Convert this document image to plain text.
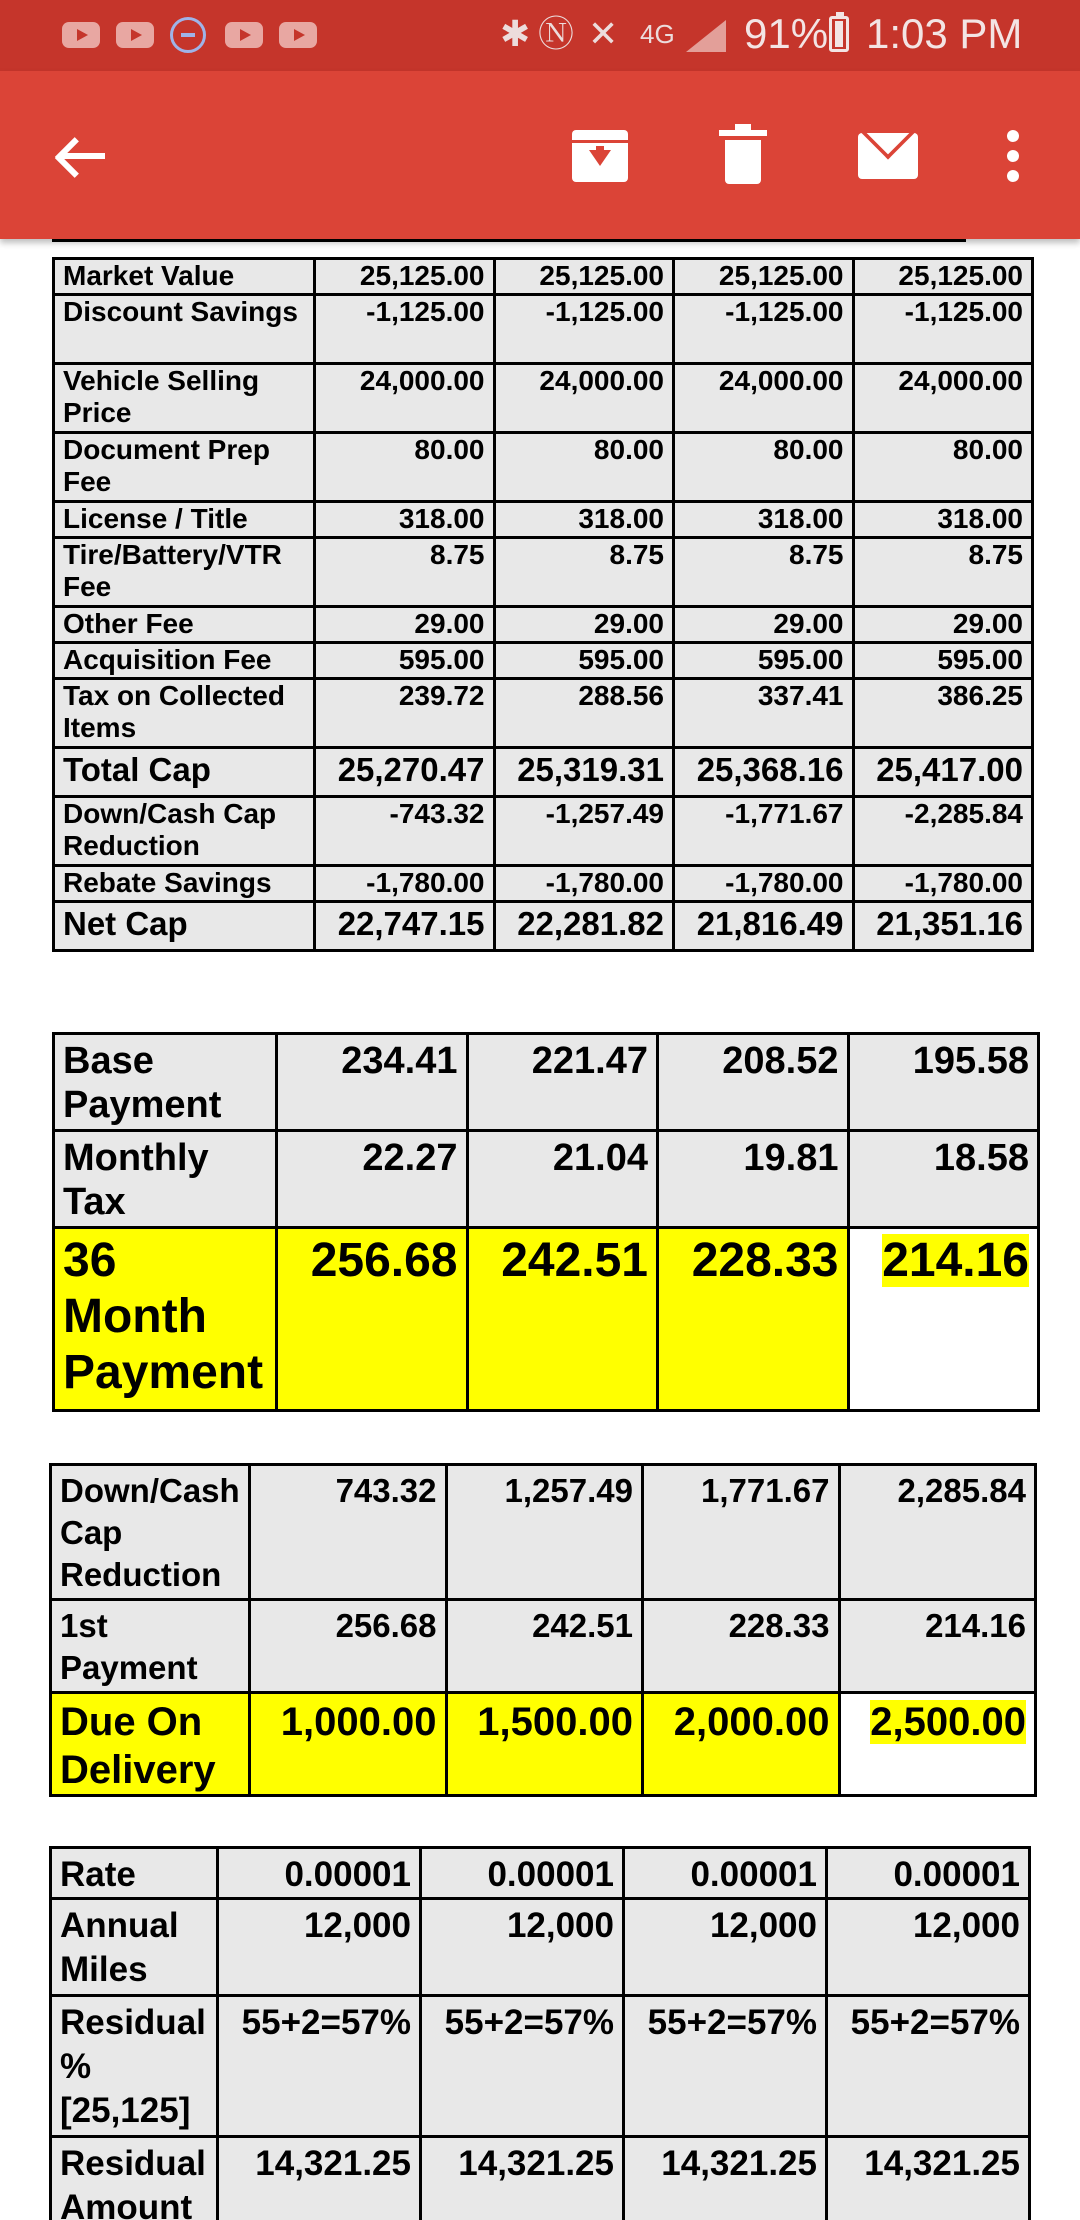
✱ Ⓝ ✕ 4G 91% 1:03 PM
Market Value	25,125.00	25,125.00	25,125.00	25,125.00
Discount Savings	-1,125.00	-1,125.00	-1,125.00	-1,125.00
Vehicle Selling Price	24,000.00	24,000.00	24,000.00	24,000.00
Document Prep Fee	80.00	80.00	80.00	80.00
License / Title	318.00	318.00	318.00	318.00
Tire/Battery/VTR Fee	8.75	8.75	8.75	8.75
Other Fee	29.00	29.00	29.00	29.00
Acquisition Fee	595.00	595.00	595.00	595.00
Tax on Collected Items	239.72	288.56	337.41	386.25
Total Cap	25,270.47	25,319.31	25,368.16	25,417.00
Down/Cash Cap Reduction	-743.32	-1,257.49	-1,771.67	-2,285.84
Rebate Savings	-1,780.00	-1,780.00	-1,780.00	-1,780.00
Net Cap	22,747.15	22,281.82	21,816.49	21,351.16
Base Payment	234.41	221.47	208.52	195.58
Monthly Tax	22.27	21.04	19.81	18.58
36 Month Payment	256.68	242.51	228.33	214.16
Down/Cash Cap Reduction	743.32	1,257.49	1,771.67	2,285.84
1st Payment	256.68	242.51	228.33	214.16
Due On Delivery	1,000.00	1,500.00	2,000.00	2,500.00
Rate	0.00001	0.00001	0.00001	0.00001
Annual Miles	12,000	12,000	12,000	12,000
Residual % [25,125]	55+2=57%	55+2=57%	55+2=57%	55+2=57%
Residual Amount	14,321.25	14,321.25	14,321.25	14,321.25
